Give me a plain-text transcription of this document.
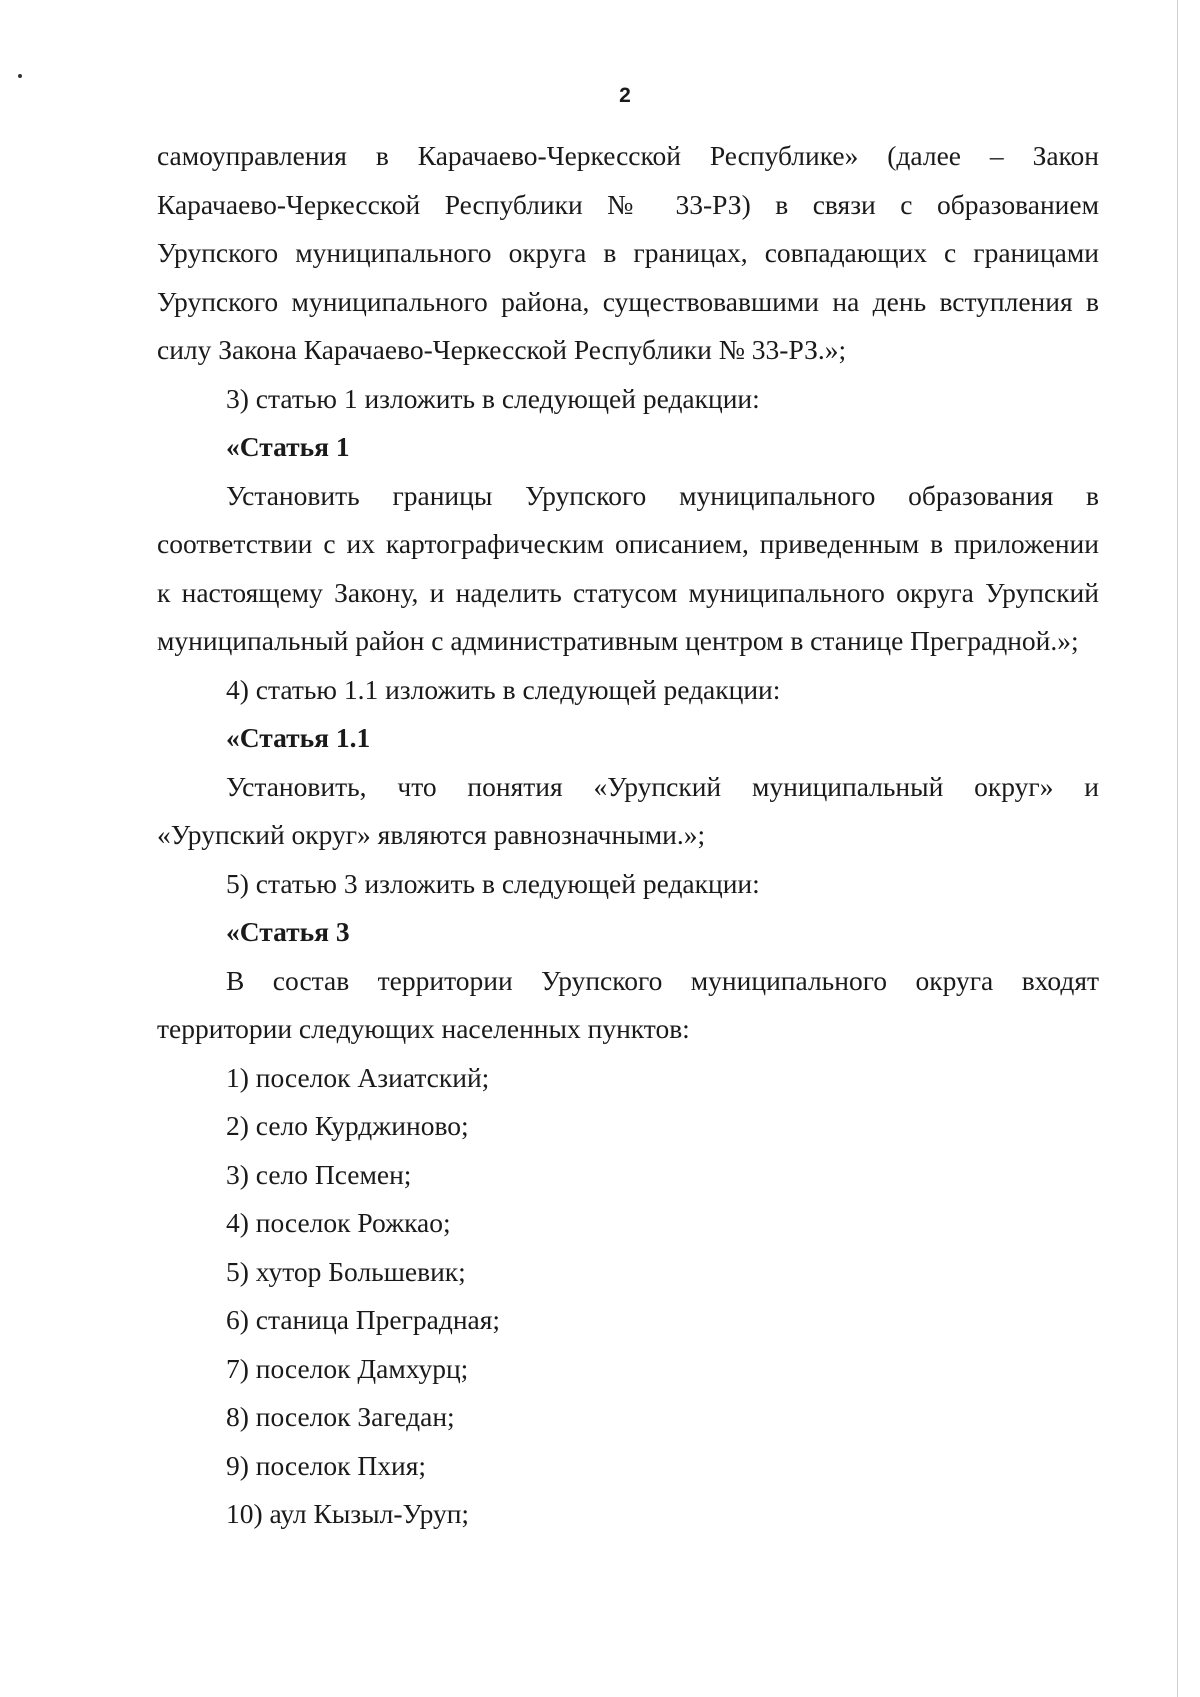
2

самоуправления в Карачаево-Черкесской Республике» (далее – Закон

Карачаево-Черкесской Республики № 33-РЗ) в связи с образованием

Урупского муниципального округа в границах, совпадающих с границами

Урупского муниципального района, существовавшими на день вступления в

силу Закона Карачаево-Черкесской Республики № 33-РЗ.»;

3) статью 1 изложить в следующей редакции:

«Статья 1

Установить границы Урупского муниципального образования в

соответствии с их картографическим описанием, приведенным в приложении

к настоящему Закону, и наделить статусом муниципального округа Урупский

муниципальный район с административным центром в станице Преградной.»;

4) статью 1.1 изложить в следующей редакции:

«Статья 1.1

Установить, что понятия «Урупский муниципальный округ» и

«Урупский округ» являются равнозначными.»;

5) статью 3 изложить в следующей редакции:

«Статья 3

В состав территории Урупского муниципального округа входят

территории следующих населенных пунктов:

1) поселок Азиатский;

2) село Курджиново;

3) село Псемен;

4) поселок Рожкао;

5) хутор Большевик;

6) станица Преградная;

7) поселок Дамхурц;

8) поселок Загедан;

9) поселок Пхия;

10) аул Кызыл-Уруп;
